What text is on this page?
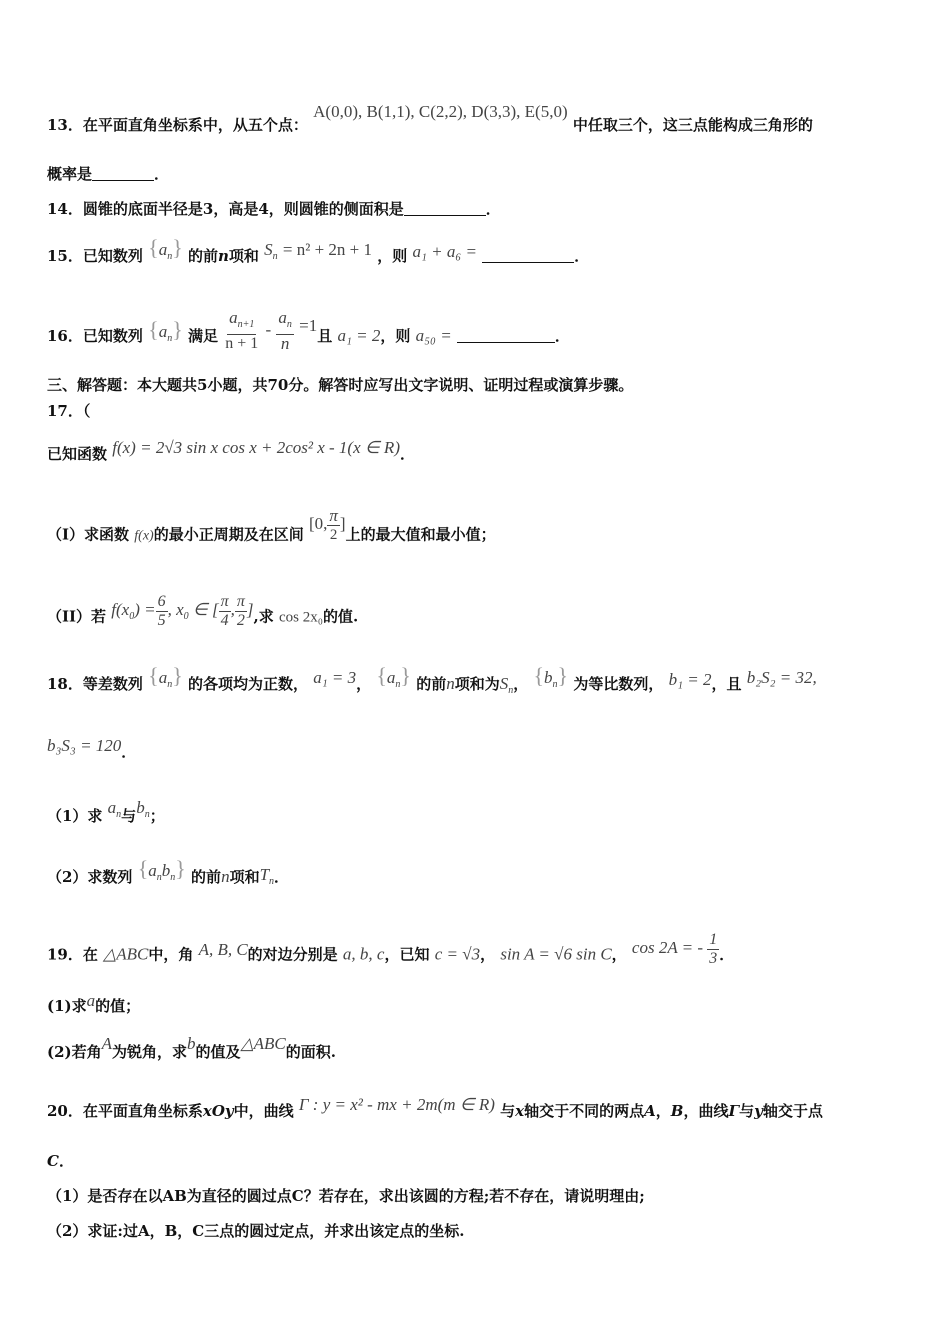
13．在平面直角坐标系中，从五个点： A(0,0), B(1,1), C(2,2), D(3,3), E(5,0) 中任取三个，这三点能构成三角形的
概率是	．
14．圆锥的底面半径是3，高是4，则圆锥的侧面积是	．
15．已知数列 $\{a_n\}$ 的前n项和 $S_n = n^2 + 2n + 1$ ，则 a₁ + a₆ =	．
16．已知数列 $\{a_n\}$ 满足 $\frac{a_{n+1}}{n + 1} - \frac{a_n}{n} =1$且 a₁ = 2，则 a₅₀ =	．
三、解答题：本大题共5小题，共70分。解答时应写出文字说明、证明过程或演算步骤。
17．（
已知函数 f(x) = 2√3 sin x cos x + 2cos² x - 1(x ∈ R)．
（I）求函数 f(x)的最小正周期及在区间 [0, $\frac{\pi}{2}$ ]上的最大值和最小值；
（II）若 $f(x_0) = \frac{6}{5}$ , $x_0$ ∈ [ $\frac{\pi}{4}$ , $\frac{\pi}{2}$ ],求 cos 2x₀的值.
18．等差数列 $\{a_n\}$ 的各项均为正数， a₁ = 3， $\{a_n\}$ 的前n项和为$S_n$， $\{b_n\}$ 为等比数列， b₁ = 2，且 b₂S₂ = 32,
b₃S₃ = 120．
（1）求 $a_n$与$b_n$；
（2）求数列 $\{a_nb_n\}$ 的前n项和$T_n$．
19．在 △ABC中，角 A, B, C的对边分别是 a, b, c，已知 c = √3， sin A = √6 sin C， cos 2A = - $\frac{1}{3}$ ．
(1)求a的值；
(2)若角A为锐角，求b的值及△ABC的面积.
20．在平面直角坐标系xOy中，曲线 Γ : y = x² - mx + 2m(m ∈ R) 与x轴交于不同的两点A，B，曲线Γ与y轴交于点
C．
（1）是否存在以AB为直径的圆过点C？若存在，求出该圆的方程;若不存在，请说明理由;
（2）求证:过A，B，C三点的圆过定点，并求出该定点的坐标.
